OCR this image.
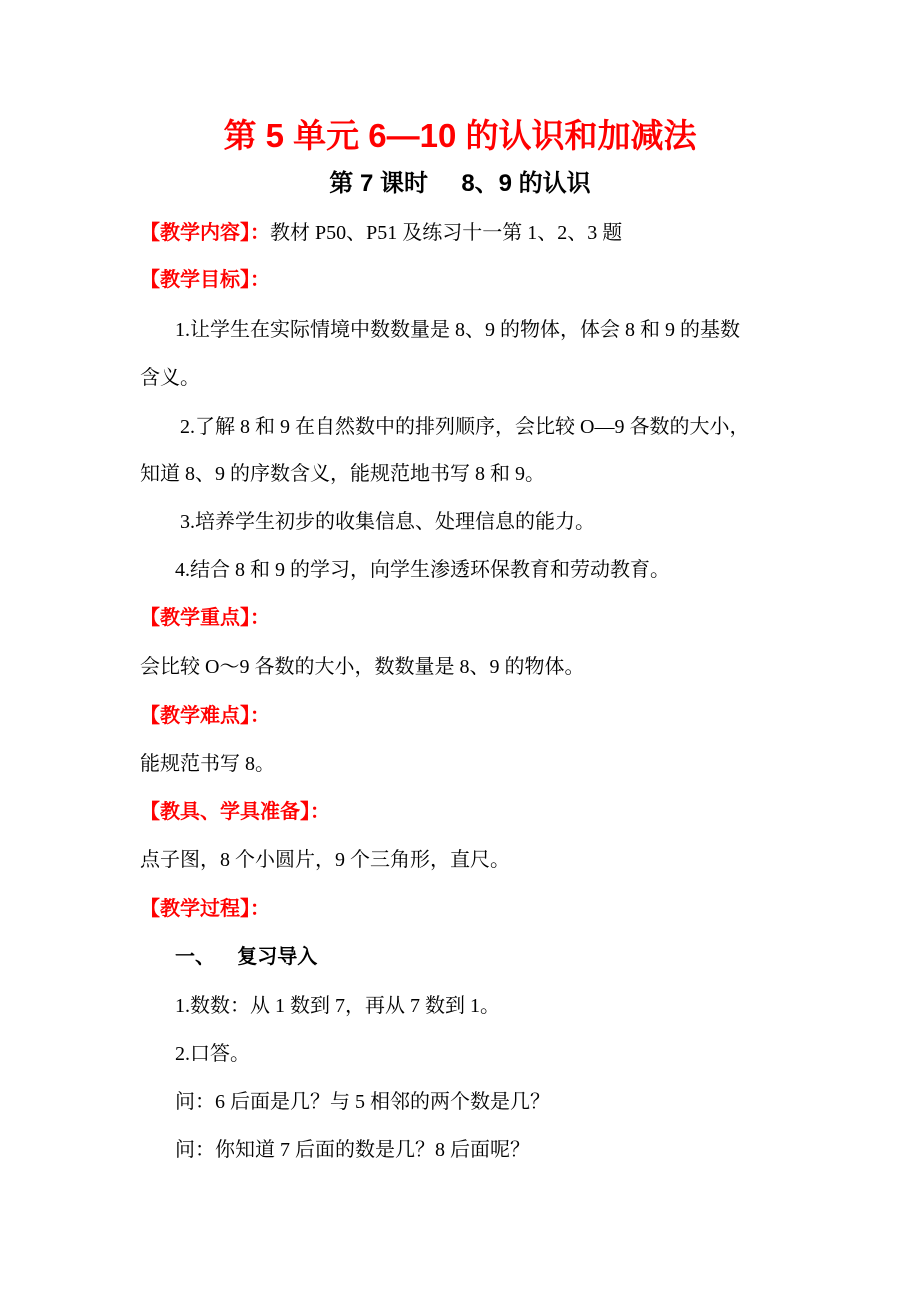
第 5 单元 6—10 的认识和加减法
第 7 课时     8、9 的认识
【教学内容】：教材 P50、P51 及练习十一第 1、2、3 题
【教学目标】：
1.让学生在实际情境中数数量是 8、9 的物体，体会 8 和 9 的基数
含义。
2.了解 8 和 9 在自然数中的排列顺序，会比较 O—9 各数的大小，
知道 8、9 的序数含义，能规范地书写 8 和 9。
3.培养学生初步的收集信息、处理信息的能力。
4.结合 8 和 9 的学习，向学生渗透环保教育和劳动教育。
【教学重点】：
会比较 O～9 各数的大小，数数量是 8、9 的物体。
【教学难点】：
能规范书写 8。
【教具、学具准备】：
点子图，8 个小圆片，9 个三角形，直尺。
【教学过程】：
一、    复习导入
1.数数：从 1 数到 7，再从 7 数到 1。
2.口答。
问：6 后面是几？与 5 相邻的两个数是几？
问：你知道 7 后面的数是几？8 后面呢？
